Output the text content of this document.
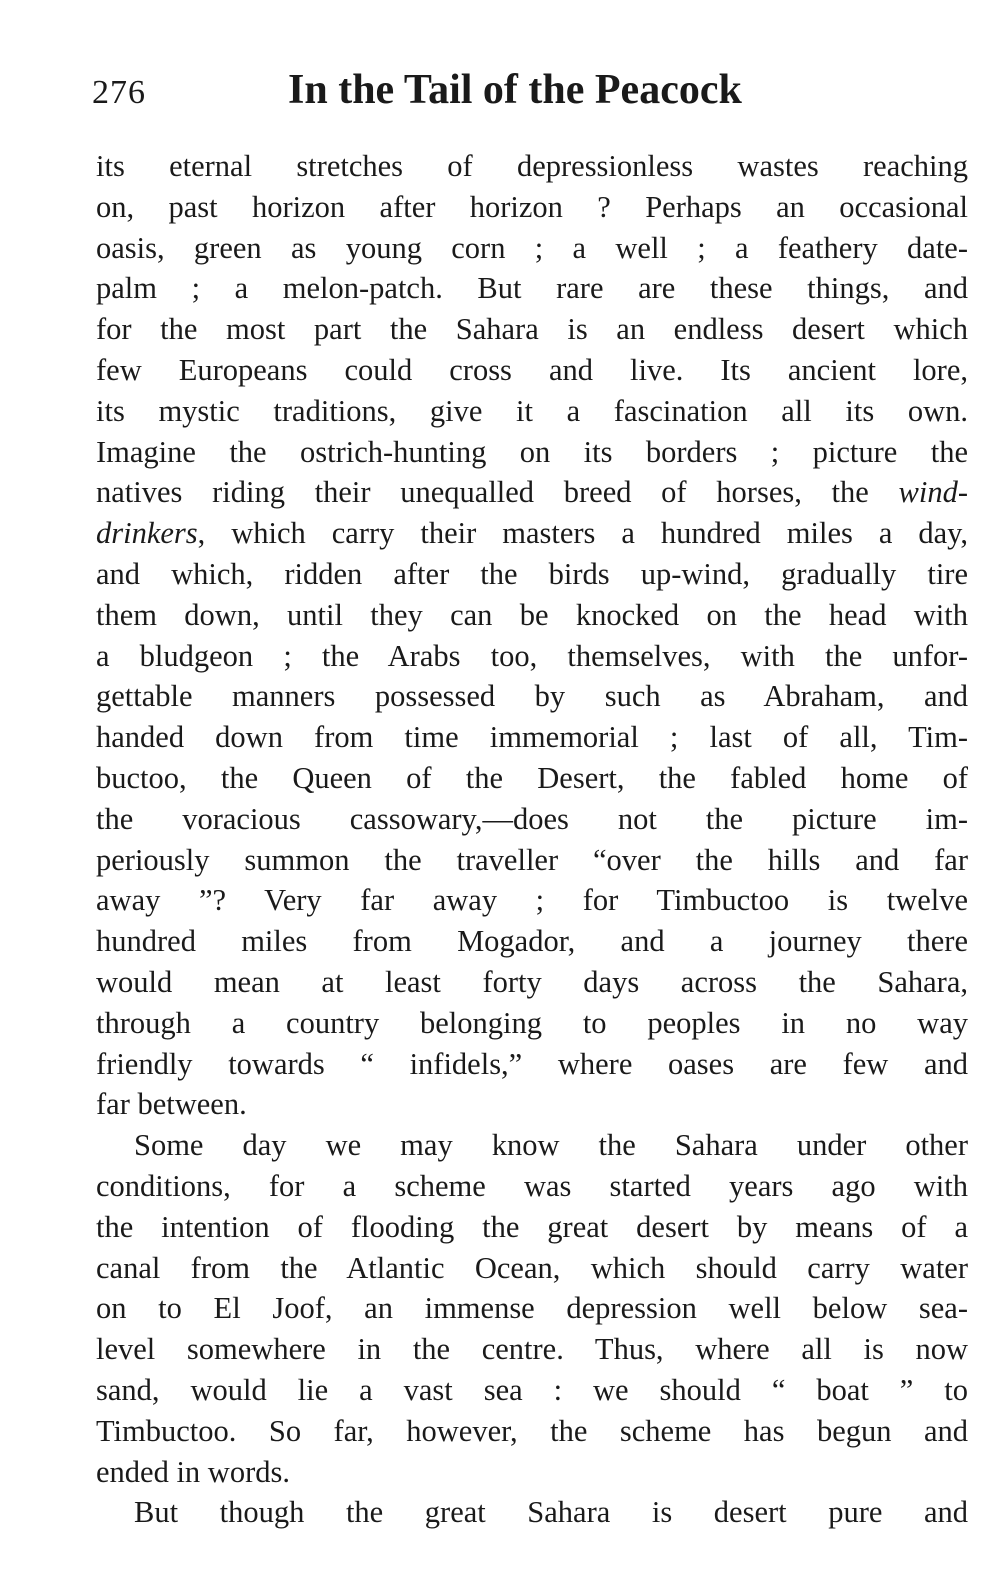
276	In the Tail of the Peacock
its eternal stretches of depressionless wastes reaching
on, past horizon after horizon ? Perhaps an occasional
oasis, green as young corn ; a well ; a feathery date-
palm ; a melon-patch. But rare are these things, and
for the most part the Sahara is an endless desert which
few Europeans could cross and live. Its ancient lore,
its mystic traditions, give it a fascination all its own.
Imagine the ostrich-hunting on its borders ; picture the
natives riding their unequalled breed of horses, the wind-
drinkers, which carry their masters a hundred miles a day,
and which, ridden after the birds up-wind, gradually tire
them down, until they can be knocked on the head with
a bludgeon ; the Arabs too, themselves, with the unfor-
gettable manners possessed by such as Abraham, and
handed down from time immemorial ; last of all, Tim-
buctoo, the Queen of the Desert, the fabled home of
the voracious cassowary,—does not the picture im-
periously summon the traveller “over the hills and far
away ”? Very far away ; for Timbuctoo is twelve
hundred miles from Mogador, and a journey there
would mean at least forty days across the Sahara,
through a country belonging to peoples in no way
friendly towards “ infidels,” where oases are few and
far between.
Some day we may know the Sahara under other
conditions, for a scheme was started years ago with
the intention of flooding the great desert by means of a
canal from the Atlantic Ocean, which should carry water
on to El Joof, an immense depression well below sea-
level somewhere in the centre. Thus, where all is now
sand, would lie a vast sea : we should “ boat ” to
Timbuctoo. So far, however, the scheme has begun and
ended in words.
But though the great Sahara is desert pure and
